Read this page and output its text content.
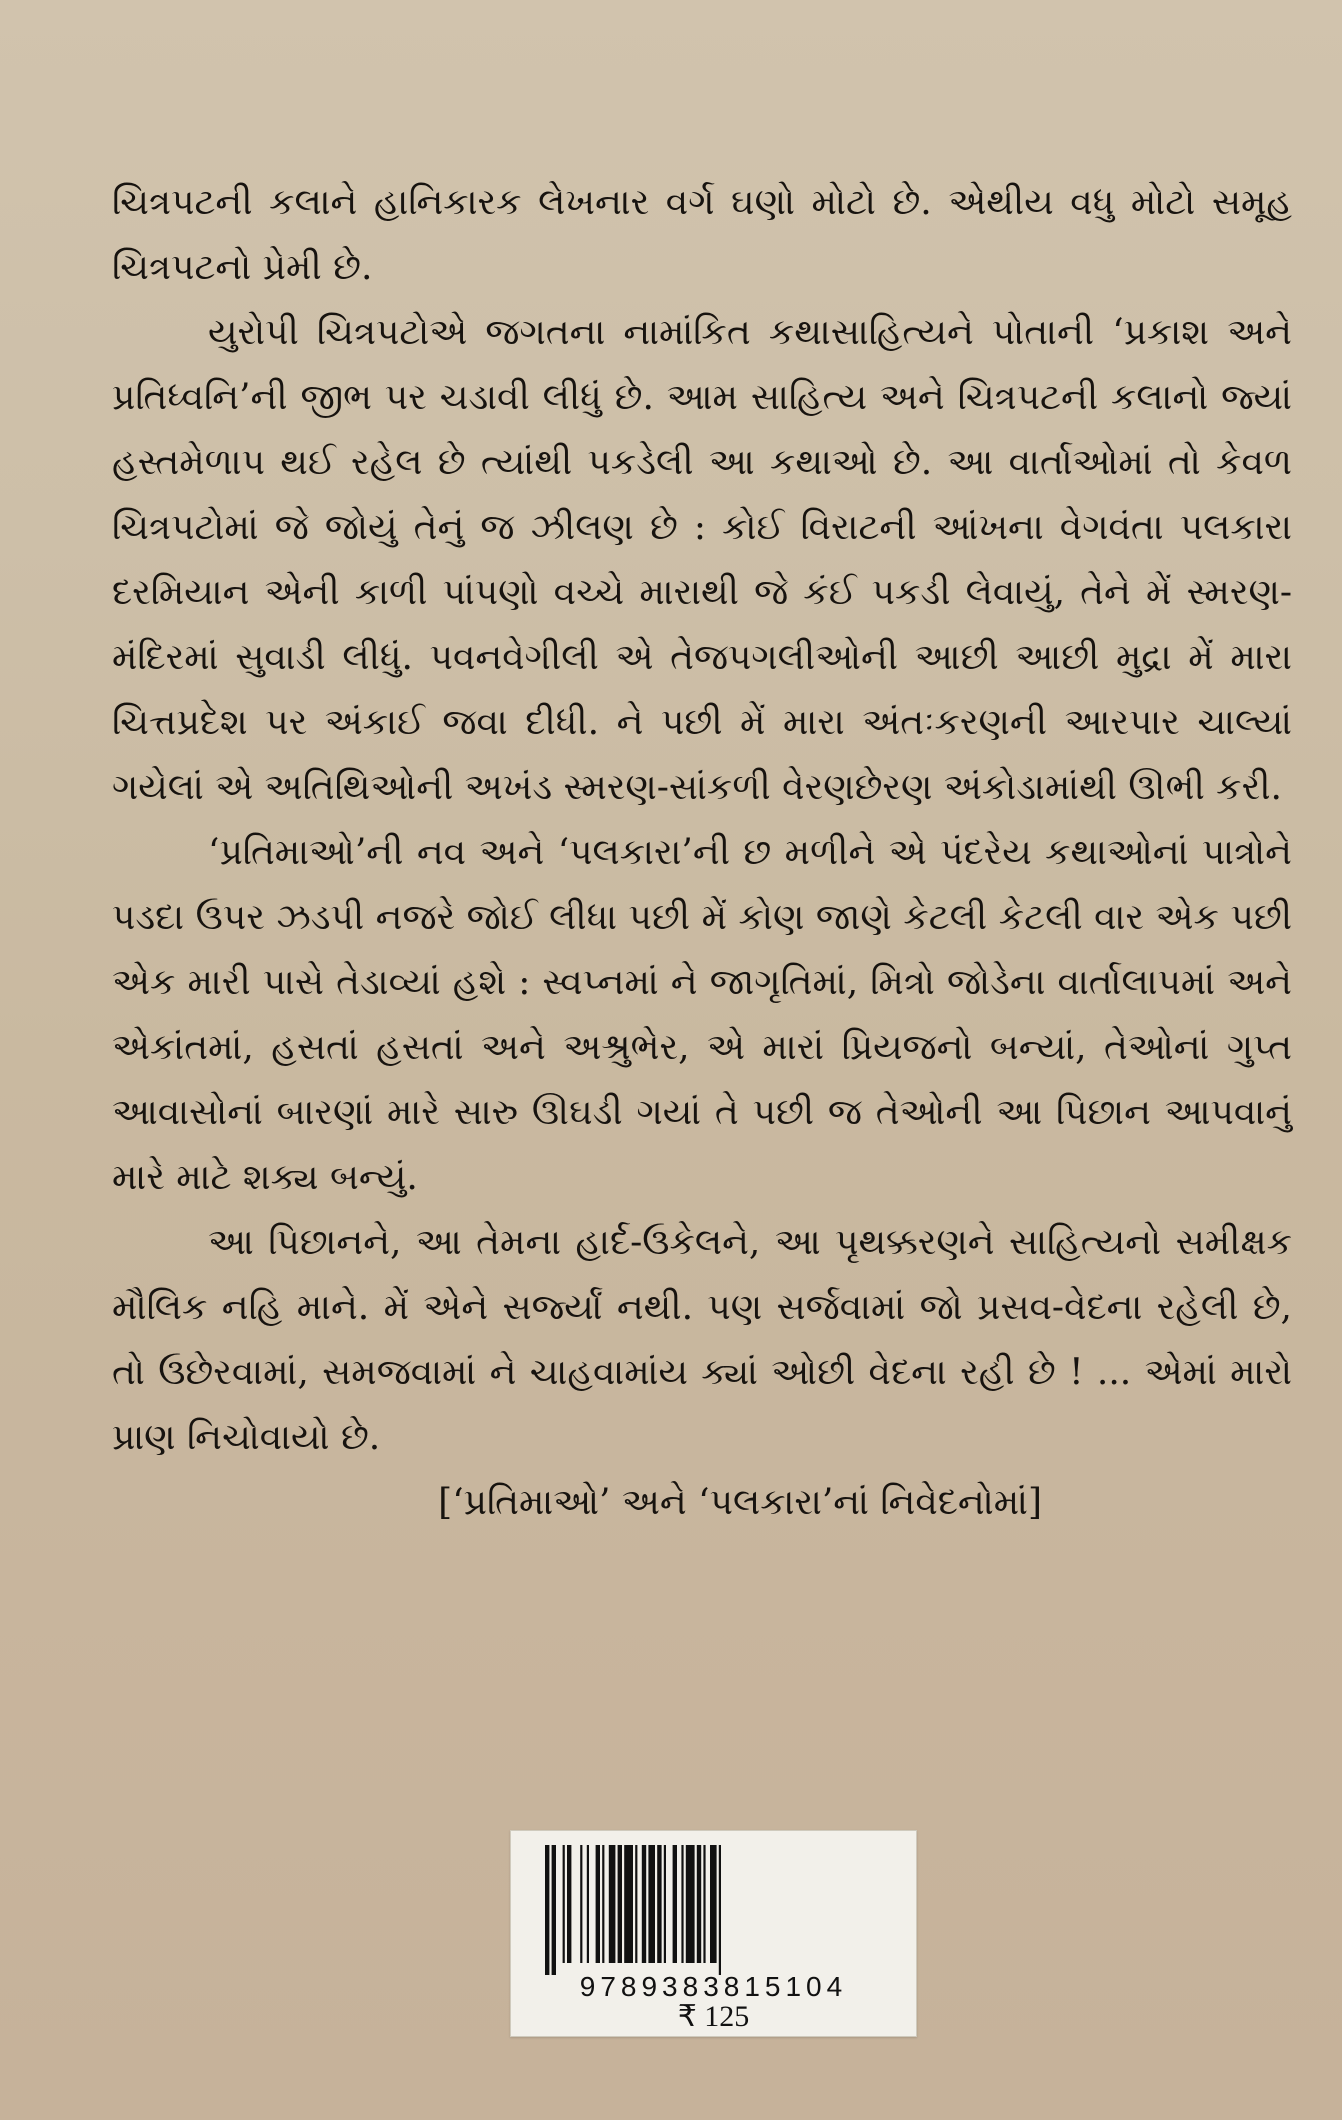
ચિત્રપટની કલાને હાનિકારક લેખનાર વર્ગ ઘણો મોટો છે. એથીય વધુ મોટો સમૂહ ચિત્રપટનો પ્રેમી છે.

યુરોપી ચિત્રપટોએ જગતના નામાંકિત કથાસાહિત્યને પોતાની ‘પ્રકાશ અને પ્રતિધ્વનિ’ની જીભ પર ચડાવી લીધું છે. આમ સાહિત્ય અને ચિત્રપટની કલાનો જ્યાં હસ્તમેળાપ થઈ રહેલ છે ત્યાંથી પકડેલી આ કથાઓ છે. આ વાર્તાઓમાં તો કેવળ ચિત્રપટોમાં જે જોયું તેનું જ ઝીલણ છે : કોઈ વિરાટની આંખના વેગવંતા પલકારા દરમિયાન એની કાળી પાંપણો વચ્ચે મારાથી જે કંઈ પકડી લેવાયું, તેને મેં સ્મરણ-મંદિરમાં સુવાડી લીધું. પવનવેગીલી એ તેજપગલીઓની આછી આછી મુદ્રા મેં મારા ચિત્તપ્રદેશ પર અંકાઈ જવા દીધી. ને પછી મેં મારા અંતઃકરણની આરપાર ચાલ્યાં ગયેલાં એ અતિથિઓની અખંડ સ્મરણ-સાંકળી વેરણછેરણ અંકોડામાંથી ઊભી કરી.

‘પ્રતિમાઓ’ની નવ અને ‘પલકારા’ની છ મળીને એ પંદરેય કથાઓનાં પાત્રોને પડદા ઉપર ઝડપી નજરે જોઈ લીધા પછી મેં કોણ જાણે કેટલી કેટલી વાર એક પછી એક મારી પાસે તેડાવ્યાં હશે : સ્વપ્નમાં ને જાગૃતિમાં, મિત્રો જોડેના વાર્તાલાપમાં અને એકાંતમાં, હસતાં હસતાં અને અશ્રુભેર, એ મારાં પ્રિયજનો બન્યાં, તેઓનાં ગુપ્ત આવાસોનાં બારણાં મારે સારુ ઊઘડી ગયાં તે પછી જ તેઓની આ પિછાન આપવાનું મારે માટે શક્ય બન્યું.

આ પિછાનને, આ તેમના હાર્દ-ઉકેલને, આ પૃથક્કરણને સાહિત્યનો સમીક્ષક મૌલિક નહિ માને. મેં એને સર્જ્યાં નથી. પણ સર્જવામાં જો પ્રસવ-વેદના રહેલી છે, તો ઉછેરવામાં, સમજવામાં ને ચાહવામાંય ક્યાં ઓછી વેદના રહી છે ! ... એમાં મારો પ્રાણ નિચોવાયો છે.

[‘પ્રતિમાઓ’ અને ‘પલકારા’નાં નિવેદનોમાં]

9789383815104
₹ 125
